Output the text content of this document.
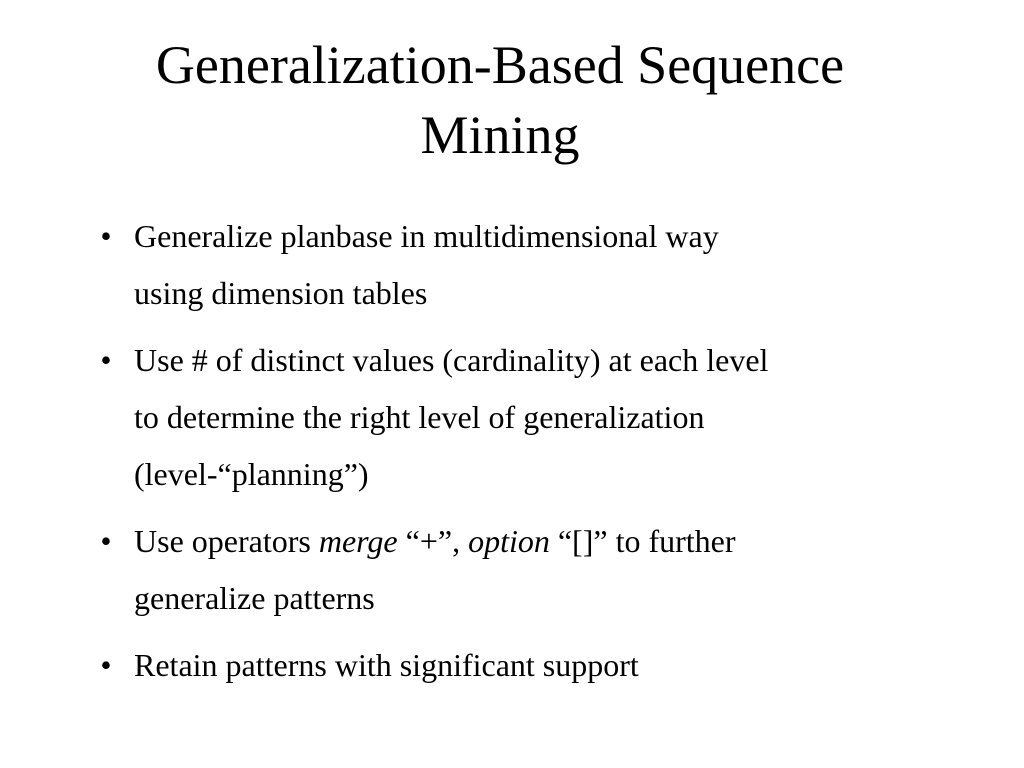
Generalization-Based Sequence
Mining
• Generalize planbase in multidimensional way
using dimension tables
• Use # of distinct values (cardinality) at each level
to determine the right level of generalization
(level-“planning”)
• Use operators merge “+”, option “[]” to further
generalize patterns
• Retain patterns with significant support
